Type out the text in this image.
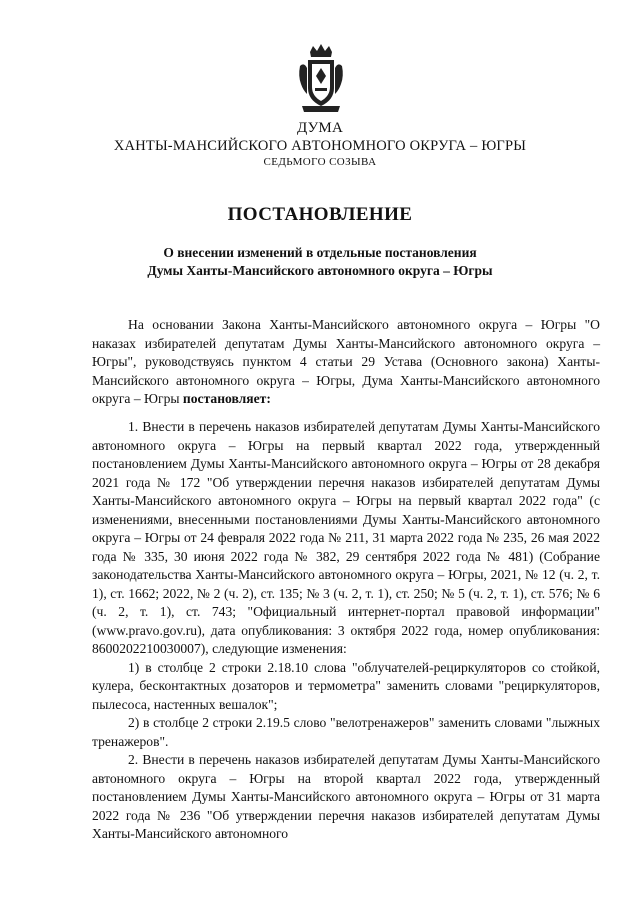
ДУМА
ХАНТЫ-МАНСИЙСКОГО АВТОНОМНОГО ОКРУГА – ЮГРЫ
СЕДЬМОГО СОЗЫВА
ПОСТАНОВЛЕНИЕ
О внесении изменений в отдельные постановления
Думы Ханты-Мансийского автономного округа – Югры

На основании Закона Ханты-Мансийского автономного округа – Югры "О наказах избирателей депутатам Думы Ханты-Мансийского автономного округа – Югры", руководствуясь пунктом 4 статьи 29 Устава (Основного закона) Ханты-Мансийского автономного округа – Югры, Дума Ханты-Мансийского автономного округа – Югры постановляет:

1. Внести в перечень наказов избирателей депутатам Думы Ханты-Мансийского автономного округа – Югры на первый квартал 2022 года, утвержденный постановлением Думы Ханты-Мансийского автономного округа – Югры от 28 декабря 2021 года № 172 "Об утверждении перечня наказов избирателей депутатам Думы Ханты-Мансийского автономного округа – Югры на первый квартал 2022 года" (с изменениями, внесенными постановлениями Думы Ханты-Мансийского автономного округа – Югры от 24 февраля 2022 года № 211, 31 марта 2022 года № 235, 26 мая 2022 года № 335, 30 июня 2022 года № 382, 29 сентября 2022 года № 481) (Собрание законодательства Ханты-Мансийского автономного округа – Югры, 2021, № 12 (ч. 2, т. 1), ст. 1662; 2022, № 2 (ч. 2), ст. 135; № 3 (ч. 2, т. 1), ст. 250; № 5 (ч. 2, т. 1), ст. 576; № 6 (ч. 2, т. 1), ст. 743; "Официальный интернет-портал правовой информации" (www.pravo.gov.ru), дата опубликования: 3 октября 2022 года, номер опубликования: 8600202210030007), следующие изменения:

1) в столбце 2 строки 2.18.10 слова "облучателей-рециркуляторов со стойкой, кулера, бесконтактных дозаторов и термометра" заменить словами "рециркуляторов, пылесоса, настенных вешалок";

2) в столбце 2 строки 2.19.5 слово "велотренажеров" заменить словами "лыжных тренажеров".

2. Внести в перечень наказов избирателей депутатам Думы Ханты-Мансийского автономного округа – Югры на второй квартал 2022 года, утвержденный постановлением Думы Ханты-Мансийского автономного округа – Югры от 31 марта 2022 года № 236 "Об утверждении перечня наказов избирателей депутатам Думы Ханты-Мансийского автономного
